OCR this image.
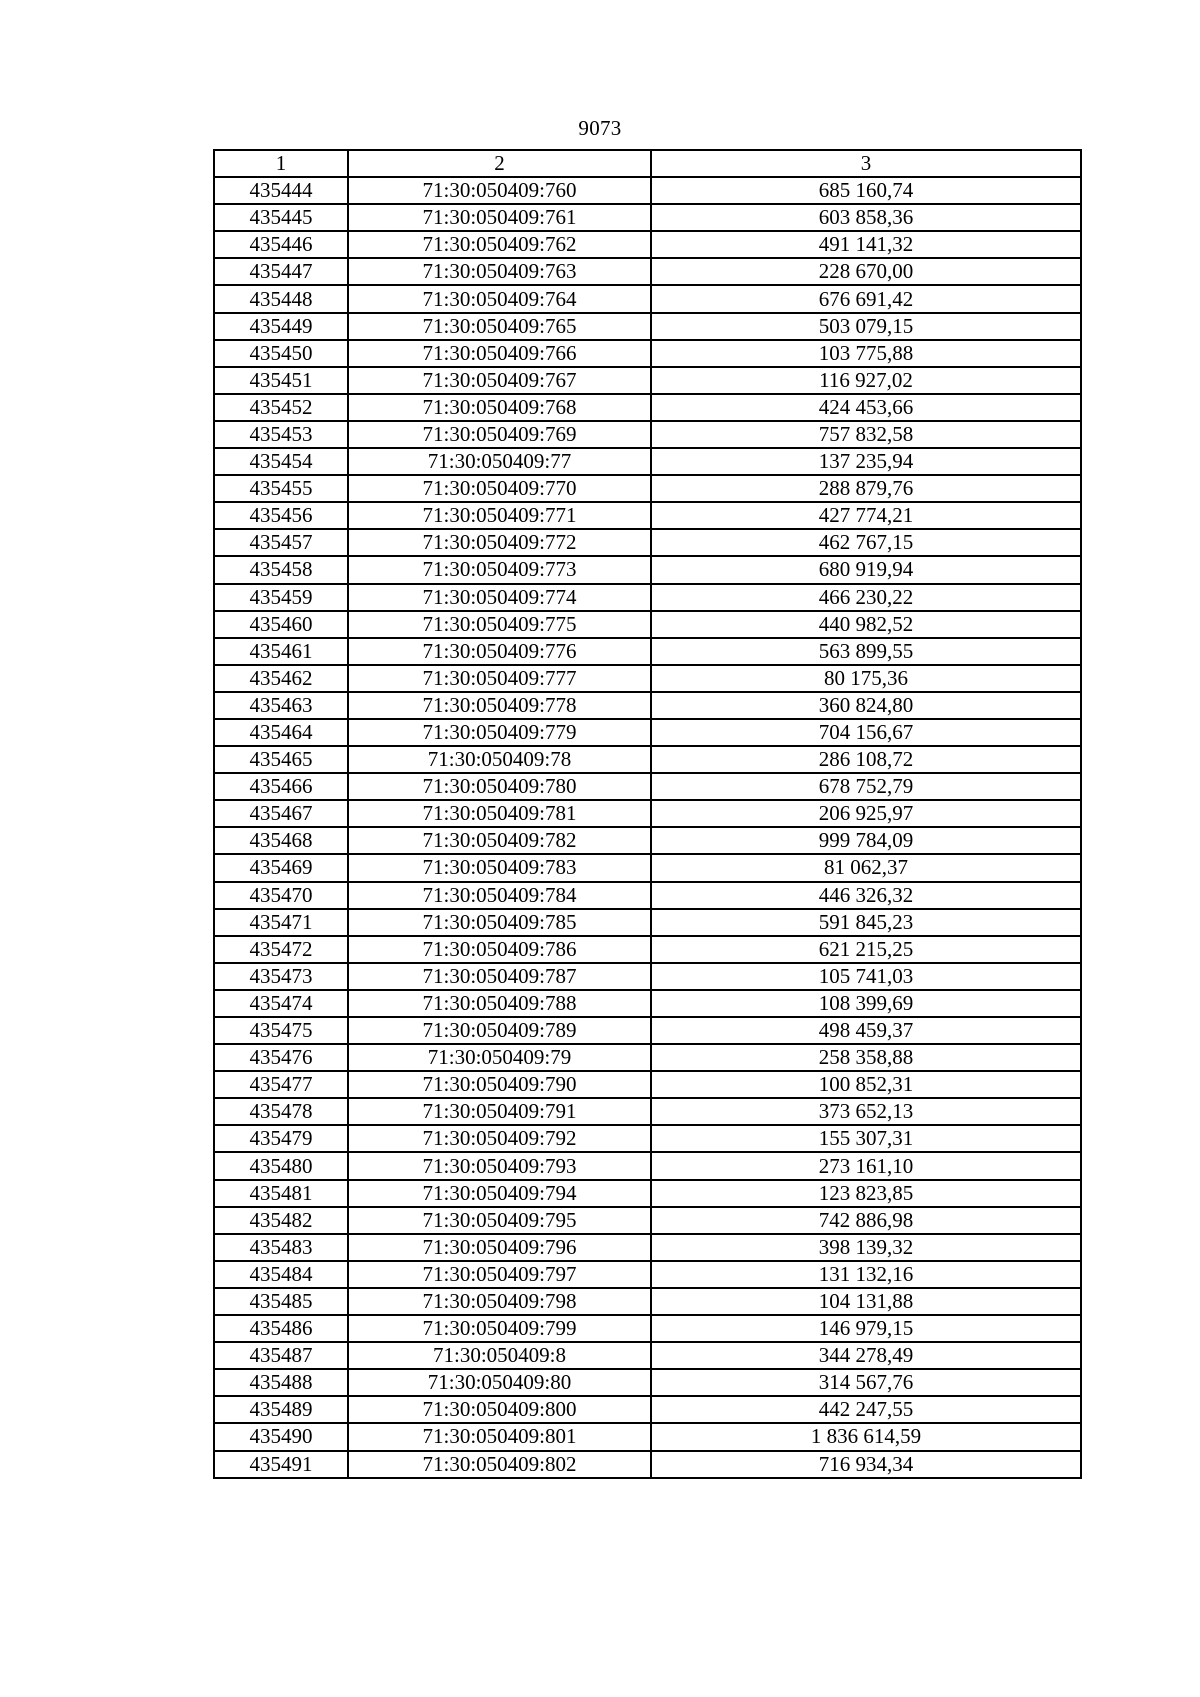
9073
1	2	3
435444	71:30:050409:760	685 160,74
435445	71:30:050409:761	603 858,36
435446	71:30:050409:762	491 141,32
435447	71:30:050409:763	228 670,00
435448	71:30:050409:764	676 691,42
435449	71:30:050409:765	503 079,15
435450	71:30:050409:766	103 775,88
435451	71:30:050409:767	116 927,02
435452	71:30:050409:768	424 453,66
435453	71:30:050409:769	757 832,58
435454	71:30:050409:77	137 235,94
435455	71:30:050409:770	288 879,76
435456	71:30:050409:771	427 774,21
435457	71:30:050409:772	462 767,15
435458	71:30:050409:773	680 919,94
435459	71:30:050409:774	466 230,22
435460	71:30:050409:775	440 982,52
435461	71:30:050409:776	563 899,55
435462	71:30:050409:777	80 175,36
435463	71:30:050409:778	360 824,80
435464	71:30:050409:779	704 156,67
435465	71:30:050409:78	286 108,72
435466	71:30:050409:780	678 752,79
435467	71:30:050409:781	206 925,97
435468	71:30:050409:782	999 784,09
435469	71:30:050409:783	81 062,37
435470	71:30:050409:784	446 326,32
435471	71:30:050409:785	591 845,23
435472	71:30:050409:786	621 215,25
435473	71:30:050409:787	105 741,03
435474	71:30:050409:788	108 399,69
435475	71:30:050409:789	498 459,37
435476	71:30:050409:79	258 358,88
435477	71:30:050409:790	100 852,31
435478	71:30:050409:791	373 652,13
435479	71:30:050409:792	155 307,31
435480	71:30:050409:793	273 161,10
435481	71:30:050409:794	123 823,85
435482	71:30:050409:795	742 886,98
435483	71:30:050409:796	398 139,32
435484	71:30:050409:797	131 132,16
435485	71:30:050409:798	104 131,88
435486	71:30:050409:799	146 979,15
435487	71:30:050409:8	344 278,49
435488	71:30:050409:80	314 567,76
435489	71:30:050409:800	442 247,55
435490	71:30:050409:801	1 836 614,59
435491	71:30:050409:802	716 934,34
